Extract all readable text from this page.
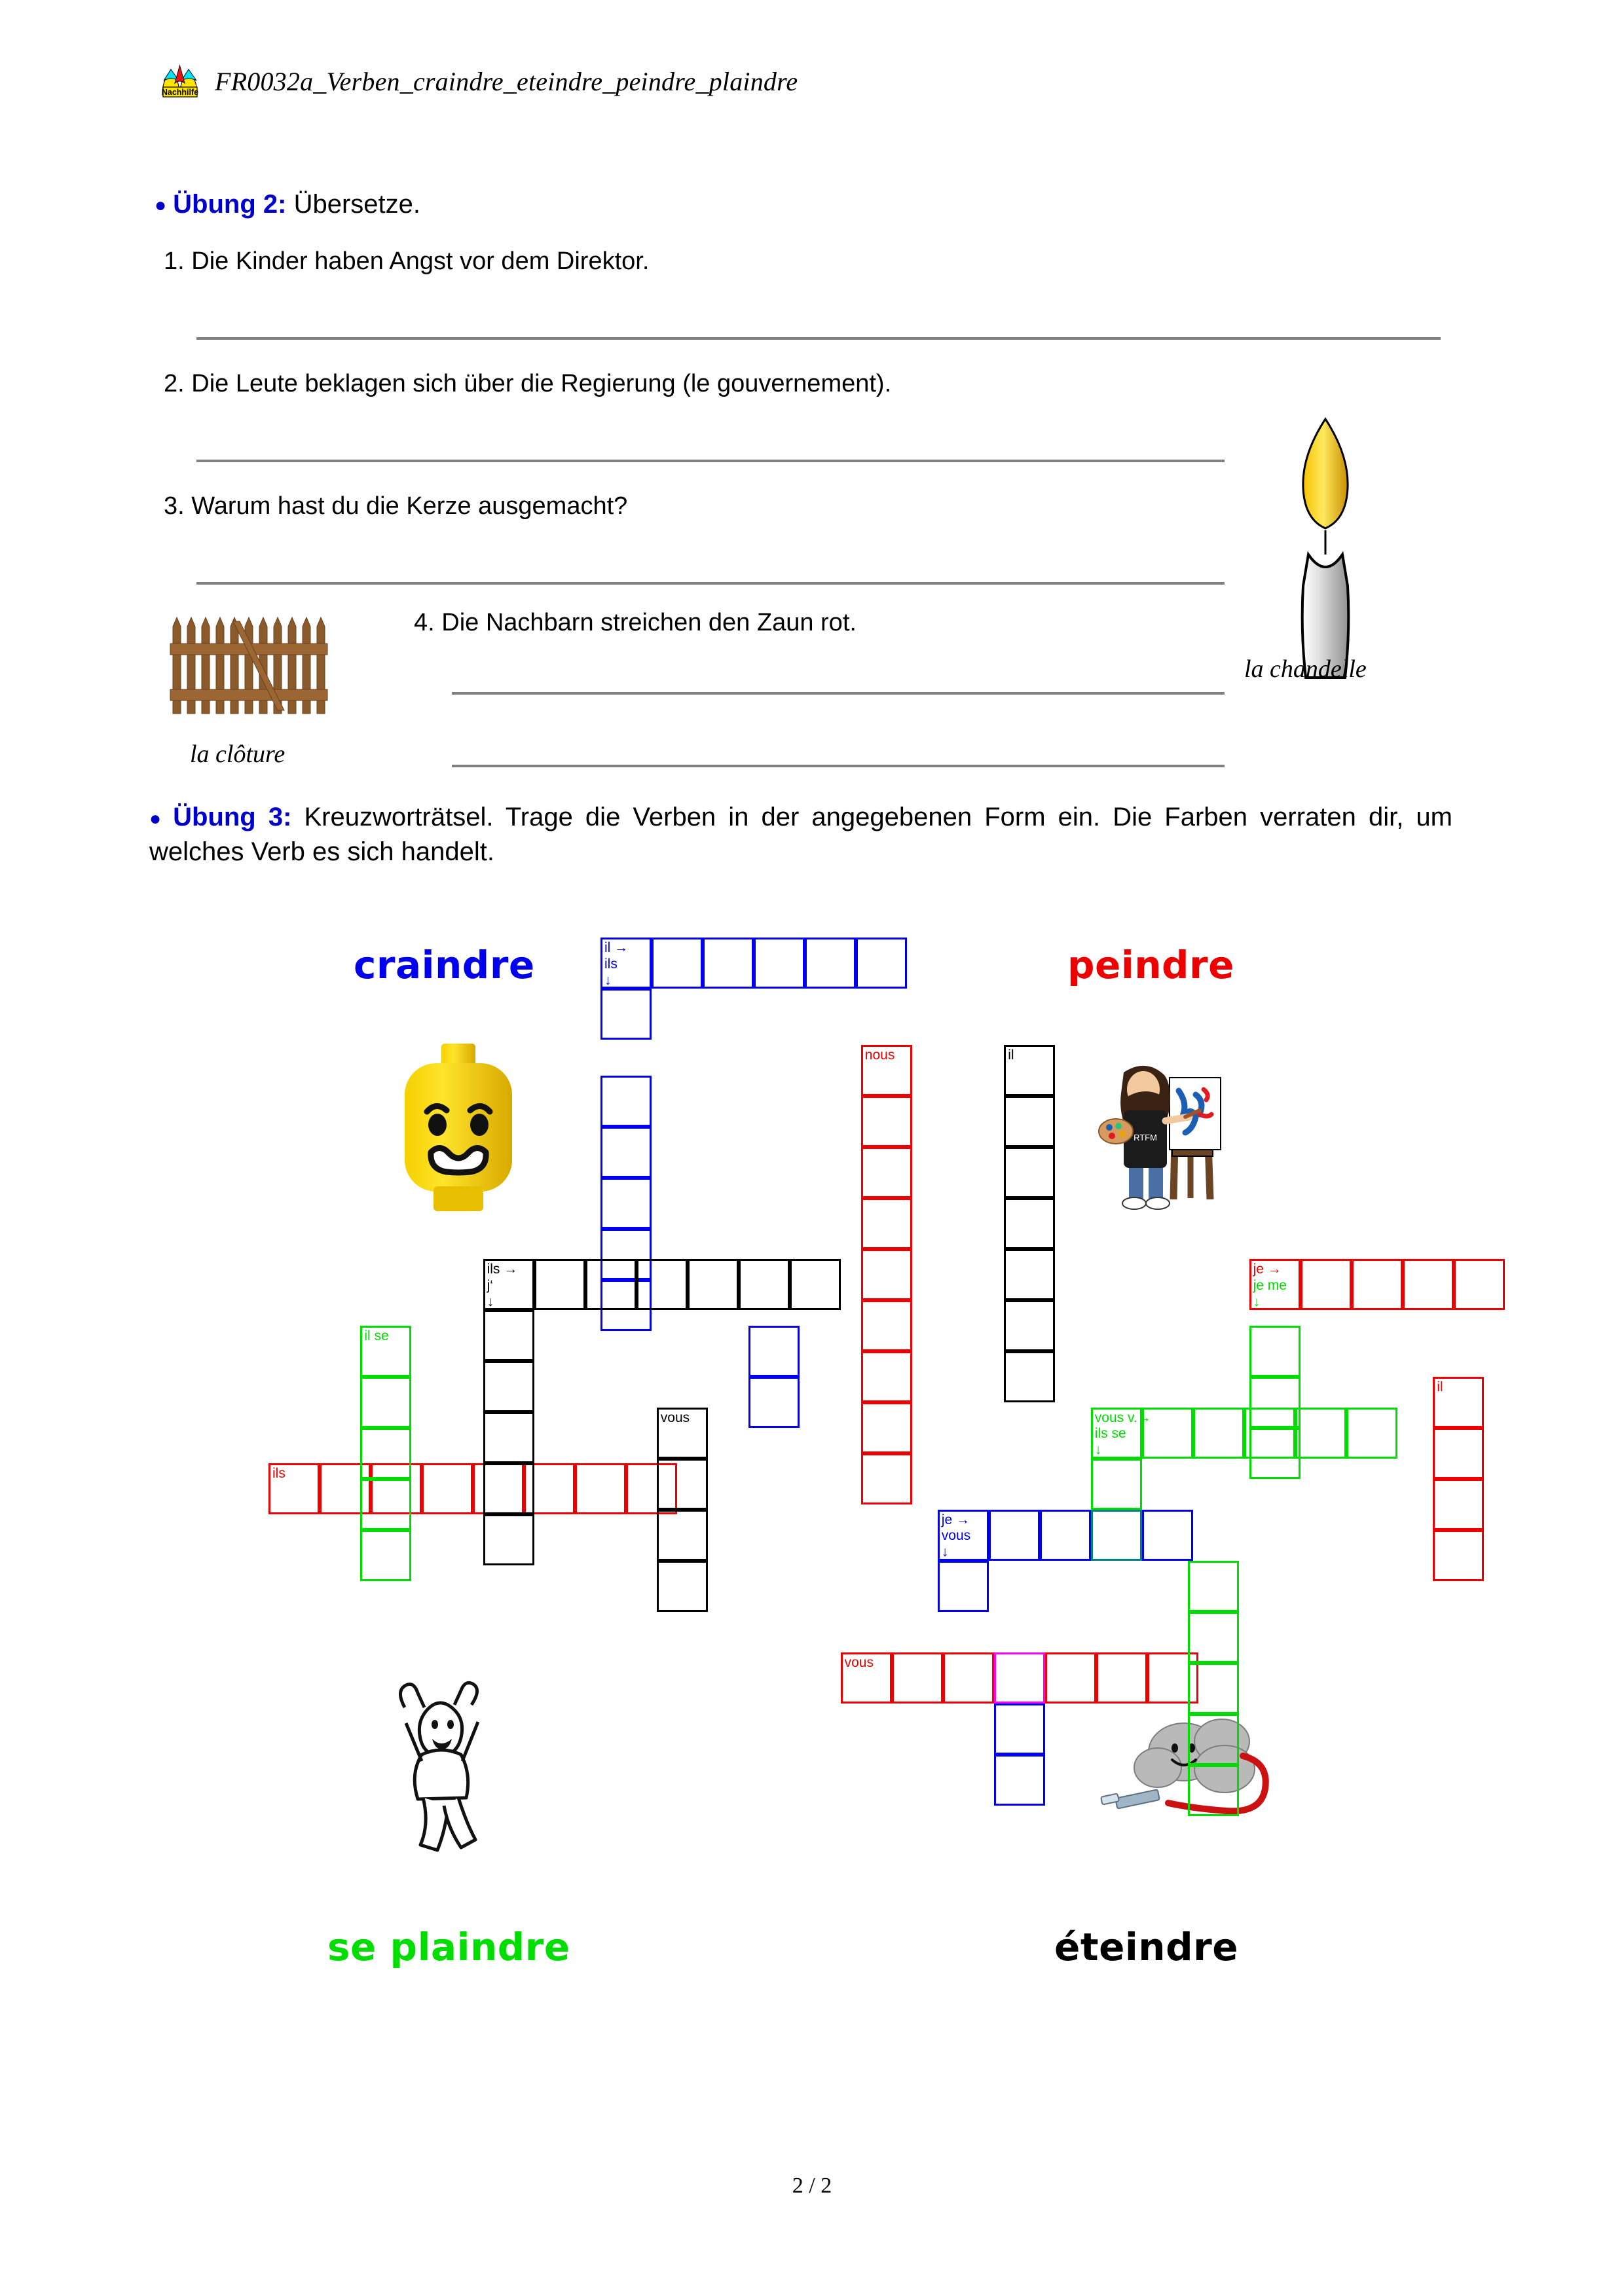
Nachhilfe FR0032a_Verben_craindre_eteindre_peindre_plaindre
● Übung 2: Übersetze.
1. Die Kinder haben Angst vor dem Direktor.
2. Die Leute beklagen sich über die Regierung (le gouvernement).
3. Warum hast du die Kerze ausgemacht?
4. Die Nachbarn streichen den Zaun rot.
la clôture
la chandelle
● Übung 3: Kreuzworträtsel. Trage die Verben in der angegebenen Form ein. Die Farben verraten dir, um welches Verb es sich handelt.
craindre	peindre
se plaindre	éteindre
RTFM
il →
ils
↓
nous	il
ils →
j‘
↓
je →
je me
↓
il se
il
vous	vous v.→
ils se
↓
ils
je →
vous
↓
vous
2 / 2
